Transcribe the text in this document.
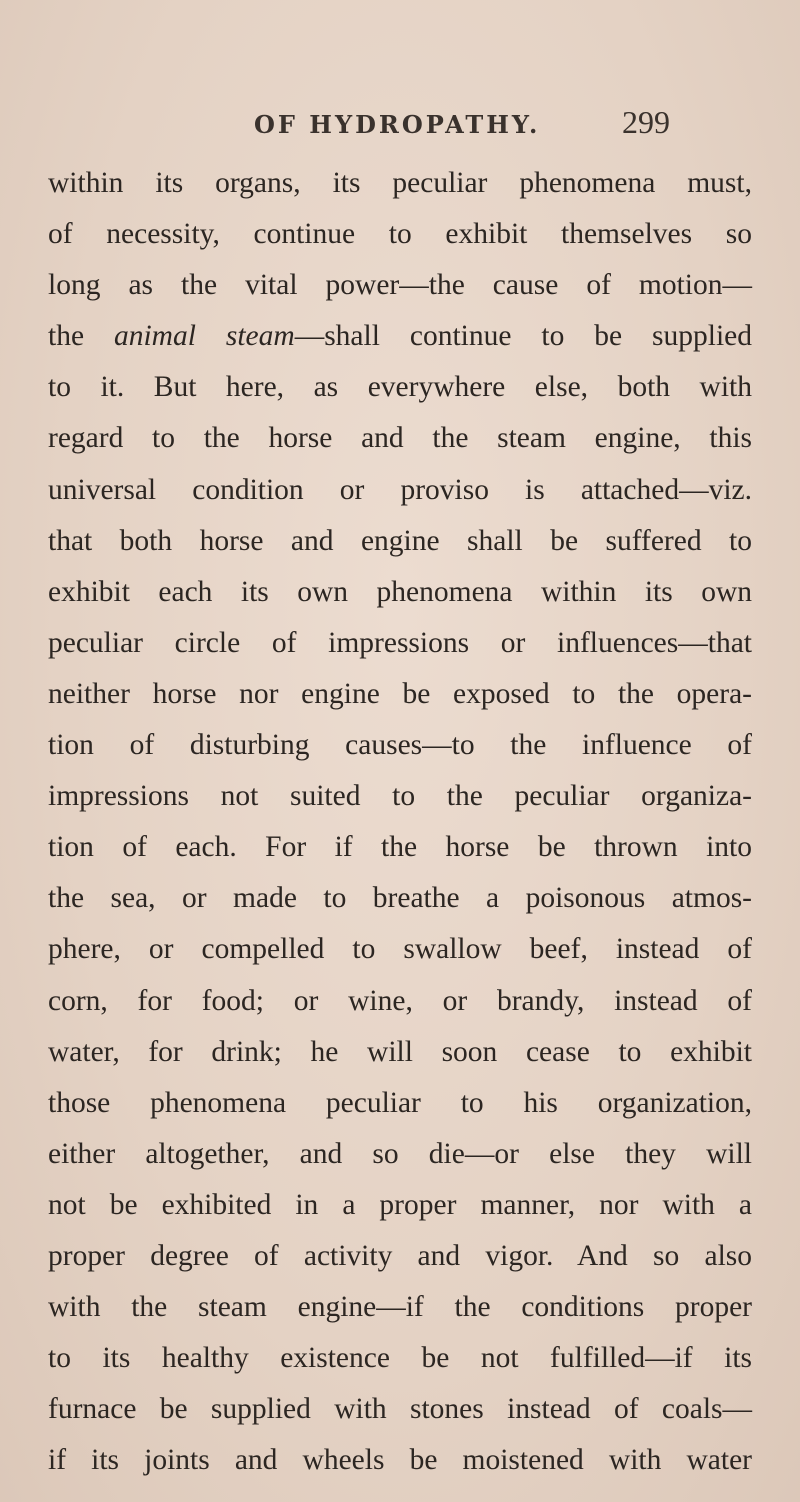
OF HYDROPATHY.	299
within its organs, its peculiar phenomena must,
of necessity, continue to exhibit themselves so
long as the vital power—the cause of motion—
the animal steam—shall continue to be supplied
to it. But here, as everywhere else, both with
regard to the horse and the steam engine, this
universal condition or proviso is attached—viz.
that both horse and engine shall be suffered to
exhibit each its own phenomena within its own
peculiar circle of impressions or influences—that
neither horse nor engine be exposed to the opera-
tion of disturbing causes—to the influence of
impressions not suited to the peculiar organiza-
tion of each. For if the horse be thrown into
the sea, or made to breathe a poisonous atmos-
phere, or compelled to swallow beef, instead of
corn, for food; or wine, or brandy, instead of
water, for drink; he will soon cease to exhibit
those phenomena peculiar to his organization,
either altogether, and so die—or else they will
not be exhibited in a proper manner, nor with a
proper degree of activity and vigor. And so also
with the steam engine—if the conditions proper
to its healthy existence be not fulfilled—if its
furnace be supplied with stones instead of coals—
if its joints and wheels be moistened with water
